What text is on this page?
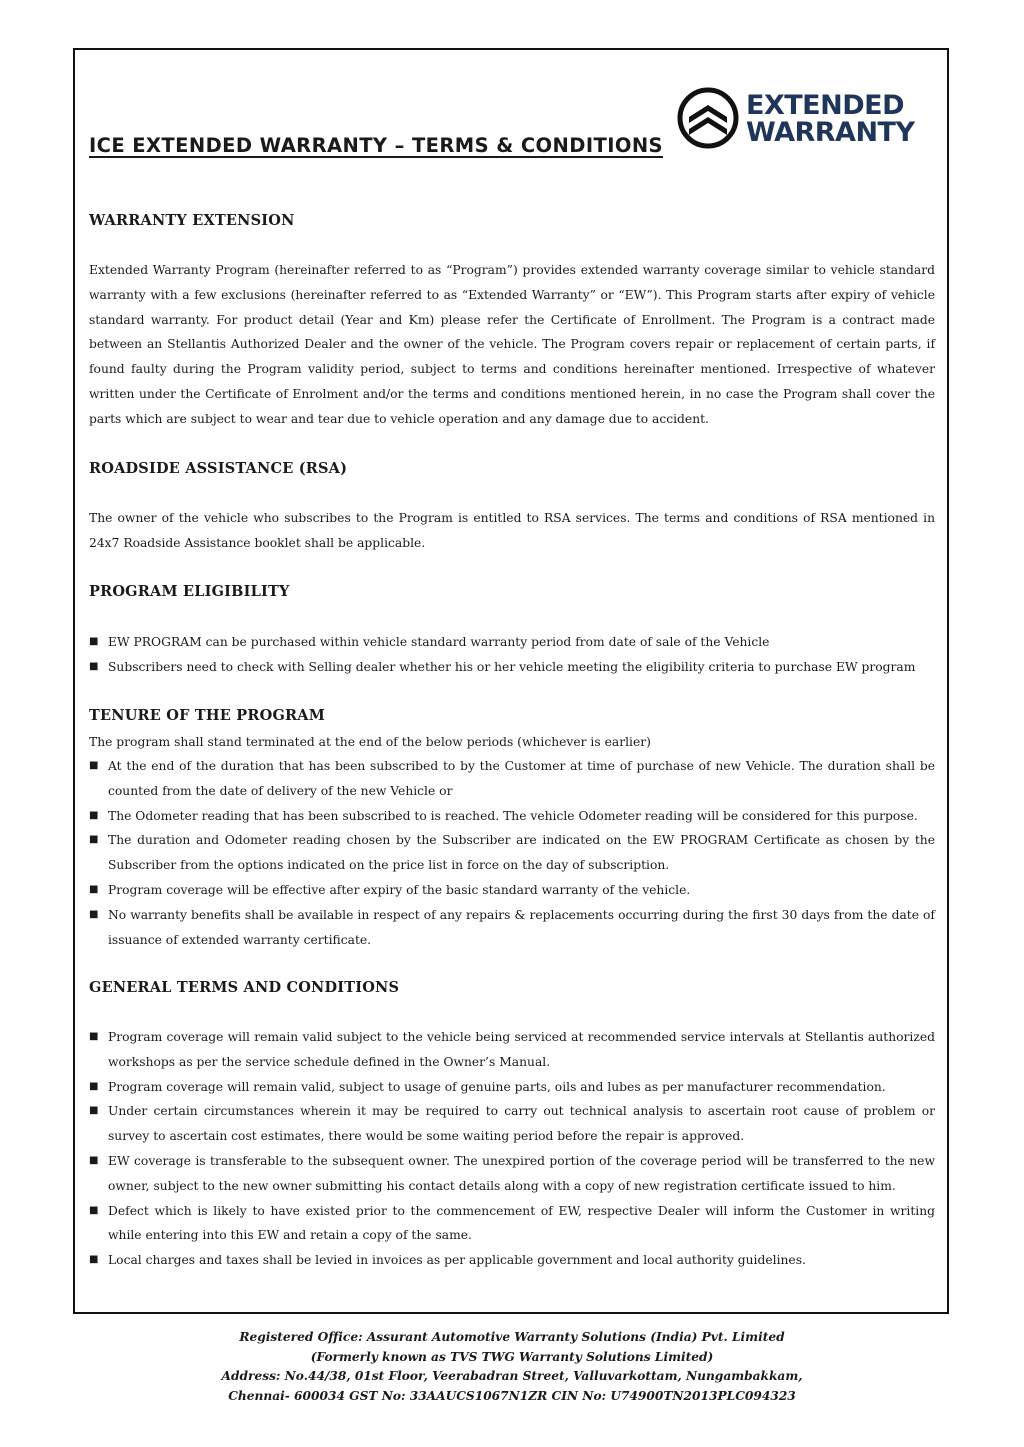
ICE EXTENDED WARRANTY – TERMS & CONDITIONS
EXTENDED
WARRANTY
WARRANTY EXTENSION

Extended Warranty Program (hereinafter referred to as “Program”) provides extended warranty coverage similar to vehicle standard warranty with a few exclusions (hereinafter referred to as “Extended Warranty” or “EW”). This Program starts after expiry of vehicle standard warranty. For product detail (Year and Km) please refer the Certificate of Enrollment. The Program is a contract made between an Stellantis Authorized Dealer and the owner of the vehicle. The Program covers repair or replacement of certain parts, if found faulty during the Program validity period, subject to terms and conditions hereinafter mentioned. Irrespective of whatever written under the Certificate of Enrolment and/or the terms and conditions mentioned herein, in no case the Program shall cover the parts which are subject to wear and tear due to vehicle operation and any damage due to accident.

ROADSIDE ASSISTANCE (RSA)

The owner of the vehicle who subscribes to the Program is entitled to RSA services. The terms and conditions of RSA mentioned in 24x7 Roadside Assistance booklet shall be applicable.

PROGRAM ELIGIBILITY
■ EW PROGRAM can be purchased within vehicle standard warranty period from date of sale of the Vehicle
■ Subscribers need to check with Selling dealer whether his or her vehicle meeting the eligibility criteria to purchase EW program
TENURE OF THE PROGRAM

The program shall stand terminated at the end of the below periods (whichever is earlier)

■ At the end of the duration that has been subscribed to by the Customer at time of purchase of new Vehicle. The duration shall be counted from the date of delivery of the new Vehicle or
■ The Odometer reading that has been subscribed to is reached. The vehicle Odometer reading will be considered for this purpose.
■ The duration and Odometer reading chosen by the Subscriber are indicated on the EW PROGRAM Certificate as chosen by the Subscriber from the options indicated on the price list in force on the day of subscription.
■ Program coverage will be effective after expiry of the basic standard warranty of the vehicle.
■ No warranty benefits shall be available in respect of any repairs & replacements occurring during the first 30 days from the date of issuance of extended warranty certificate.
GENERAL TERMS AND CONDITIONS
■ Program coverage will remain valid subject to the vehicle being serviced at recommended service intervals at Stellantis authorized workshops as per the service schedule defined in the Owner’s Manual.
■ Program coverage will remain valid, subject to usage of genuine parts, oils and lubes as per manufacturer recommendation.
■ Under certain circumstances wherein it may be required to carry out technical analysis to ascertain root cause of problem or survey to ascertain cost estimates, there would be some waiting period before the repair is approved.
■ EW coverage is transferable to the subsequent owner. The unexpired portion of the coverage period will be transferred to the new owner, subject to the new owner submitting his contact details along with a copy of new registration certificate issued to him.
■ Defect which is likely to have existed prior to the commencement of EW, respective Dealer will inform the Customer in writing while entering into this EW and retain a copy of the same.
■ Local charges and taxes shall be levied in invoices as per applicable government and local authority guidelines.
Registered Office: Assurant Automotive Warranty Solutions (India) Pvt. Limited
(Formerly known as TVS TWG Warranty Solutions Limited)
Address: No.44/38, 01st Floor, Veerabadran Street, Valluvarkottam, Nungambakkam,
Chennai- 600034 GST No: 33AAUCS1067N1ZR CIN No: U74900TN2013PLC094323
